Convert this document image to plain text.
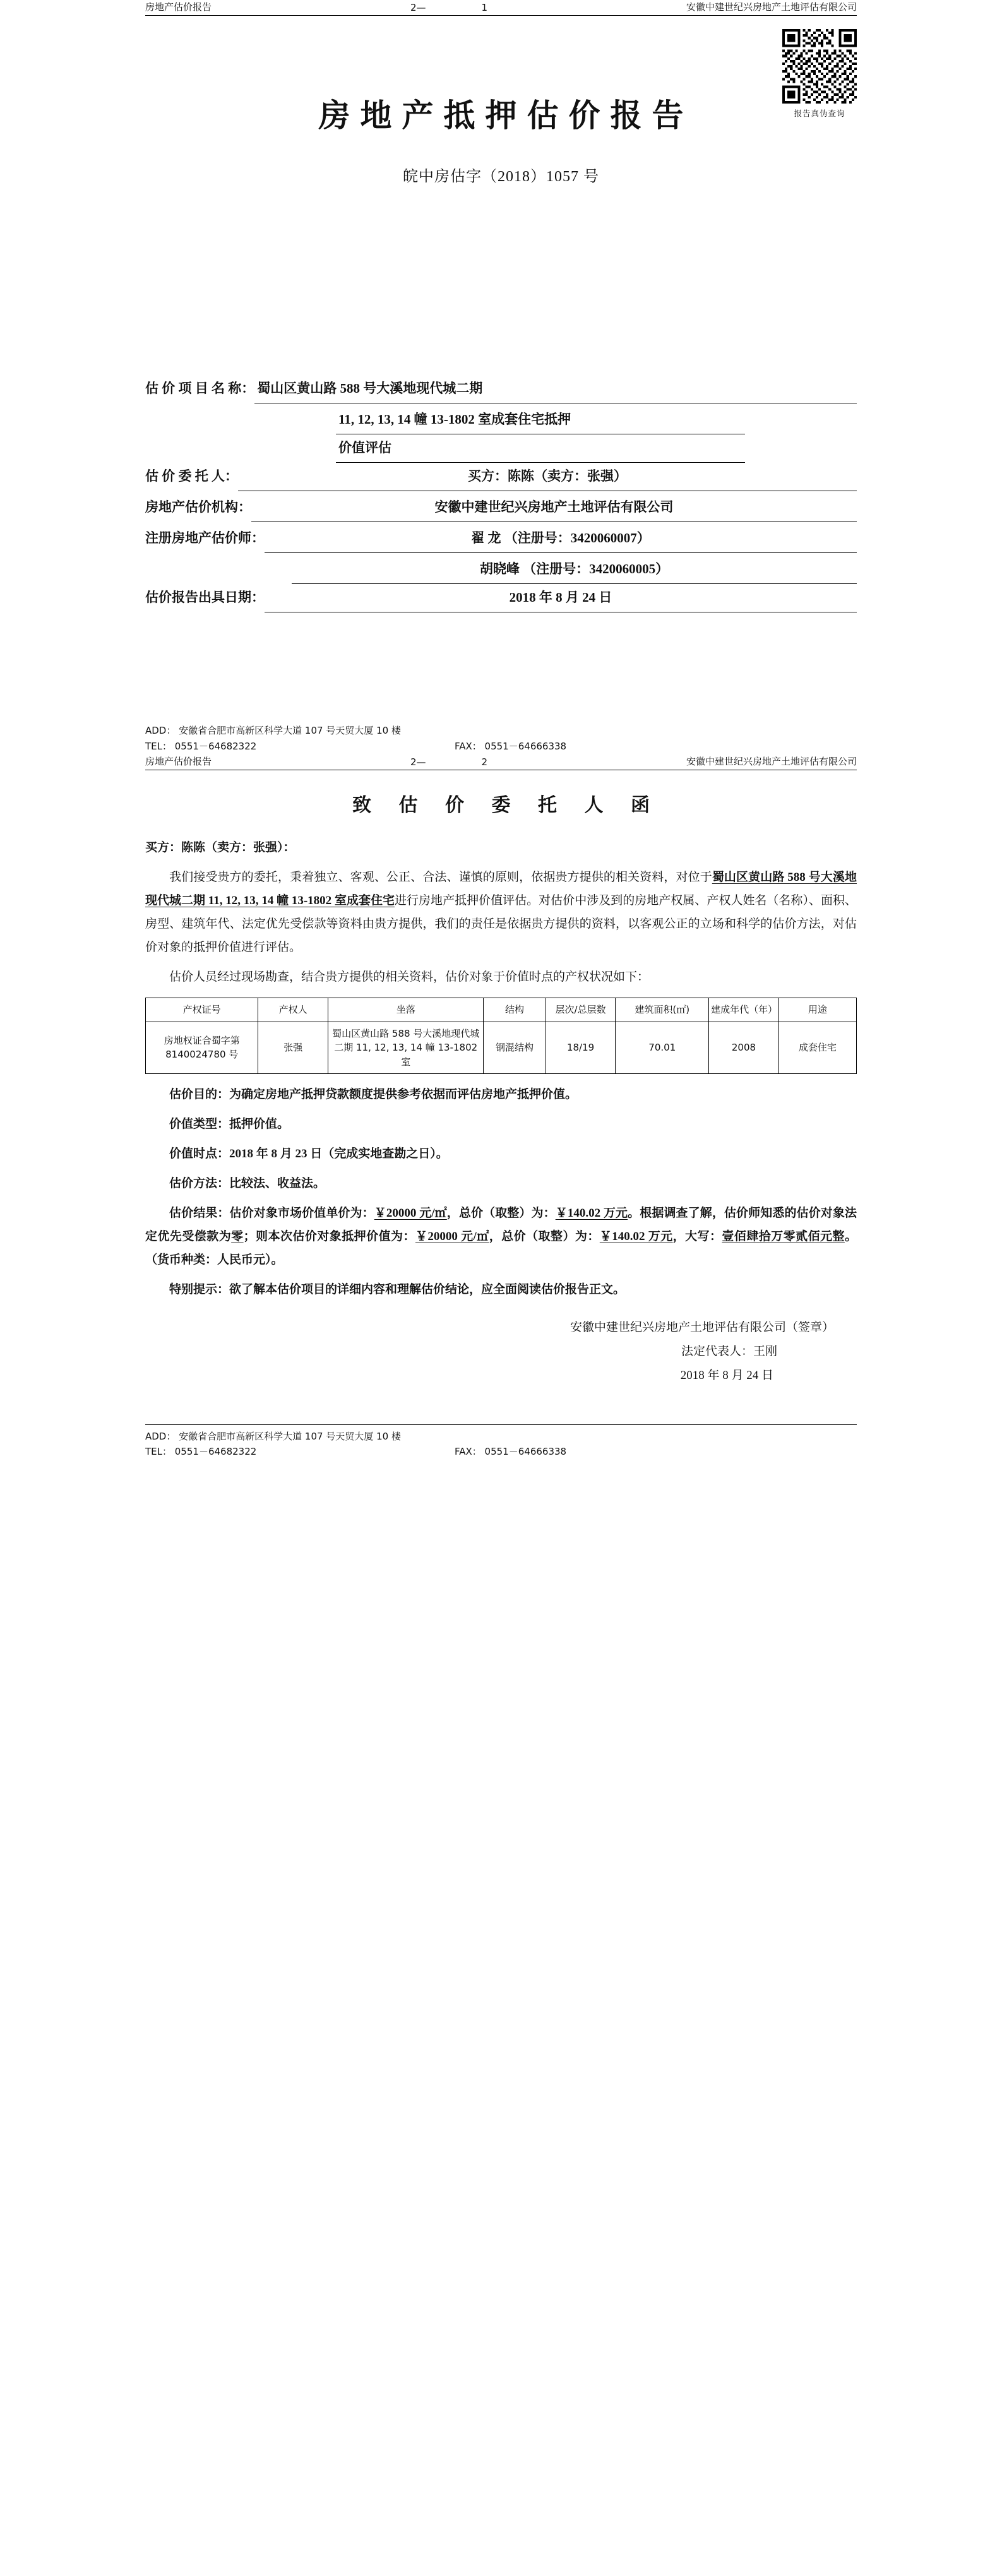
房地产估价报告	2—	1	安徽中建世纪兴房地产土地评估有限公司
报告真伪查询
房地产抵押估价报告
皖中房估字（2018）1057 号
估 价 项 目 名 称： 蜀山区黄山路 588 号大溪地现代城二期
11, 12, 13, 14 幢 13-1802 室成套住宅抵押
价值评估
估 价 委 托 人：	买方：陈陈（卖方：张强）
房地产估价机构：	安徽中建世纪兴房地产土地评估有限公司
注册房地产估价师：	翟 龙 （注册号：3420060007）
胡晓峰 （注册号：3420060005）
估价报告出具日期：	2018 年 8 月 24 日
ADD： 安徽省合肥市高新区科学大道 107 号天贸大厦 10 楼
TEL： 0551－64682322	FAX： 0551－64666338
房地产估价报告	2—	2	安徽中建世纪兴房地产土地评估有限公司
致 估 价 委 托 人 函

买方：陈陈（卖方：张强）：

我们接受贵方的委托，秉着独立、客观、公正、合法、谨慎的原则，依据贵方提供的相关资料，对位于蜀山区黄山路 588 号大溪地现代城二期 11, 12, 13, 14 幢 13-1802 室成套住宅进行房地产抵押价值评估。对估价中涉及到的房地产权属、产权人姓名（名称）、面积、房型、建筑年代、法定优先受偿款等资料由贵方提供，我们的责任是依据贵方提供的资料，以客观公正的立场和科学的估价方法，对估价对象的抵押价值进行评估。

估价人员经过现场勘查，结合贵方提供的相关资料，估价对象于价值时点的产权状况如下：

产权证号	产权人	坐落	结构	层次/总层数	建筑面积(㎡)	建成年代（年）	用途
房地权证合蜀字第 8140024780 号	张强	蜀山区黄山路 588 号大溪地现代城二期 11, 12, 13, 14 幢 13-1802 室	钢混结构	18/19	70.01	2008	成套住宅

估价目的：为确定房地产抵押贷款额度提供参考依据而评估房地产抵押价值。

价值类型：抵押价值。

价值时点：2018 年 8 月 23 日（完成实地查勘之日）。

估价方法：比较法、收益法。

估价结果：估价对象市场价值单价为：￥20000 元/㎡，总价（取整）为：￥140.02 万元。根据调查了解，估价师知悉的估价对象法定优先受偿款为零；则本次估价对象抵押价值为：￥20000 元/㎡，总价（取整）为：￥140.02 万元，大写：壹佰肆拾万零贰佰元整。（货币种类：人民币元）。

特别提示：欲了解本估价项目的详细内容和理解估价结论，应全面阅读估价报告正文。

安徽中建世纪兴房地产土地评估有限公司（签章）
法定代表人：王刚
2018 年 8 月 24 日
ADD： 安徽省合肥市高新区科学大道 107 号天贸大厦 10 楼
TEL： 0551－64682322	FAX： 0551－64666338
